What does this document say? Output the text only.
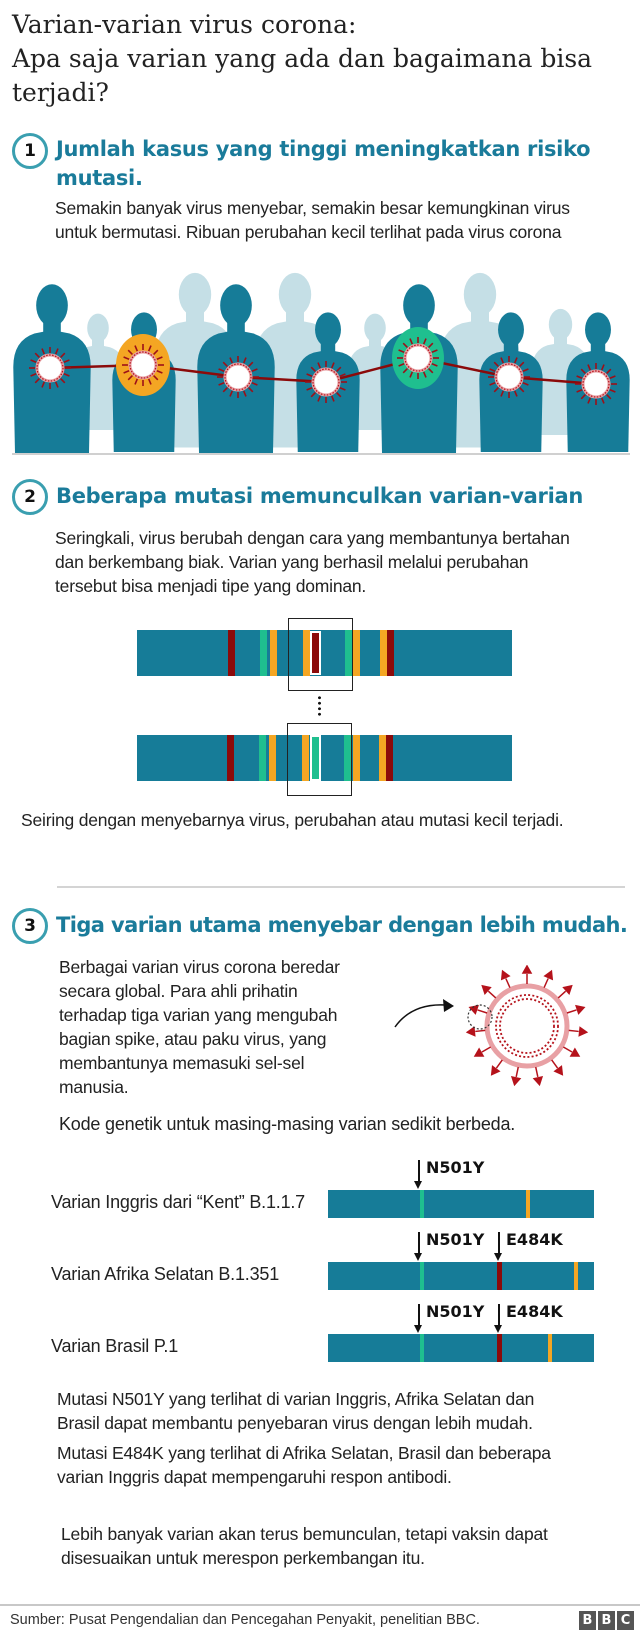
Varian-varian virus corona:
Apa saja varian yang ada dan bagaimana bisa
terjadi?
1 Jumlah kasus yang tinggi meningkatkan risiko
mutasi.
Semakin banyak virus menyebar, semakin besar kemungkinan virus
untuk bermutasi. Ribuan perubahan kecil terlihat pada virus corona
2 Beberapa mutasi memunculkan varian-varian
Seringkali, virus berubah dengan cara yang membantunya bertahan
dan berkembang biak. Varian yang berhasil melalui perubahan
tersebut bisa menjadi tipe yang dominan.
Seiring dengan menyebarnya virus, perubahan atau mutasi kecil terjadi.
3 Tiga varian utama menyebar dengan lebih mudah.
Berbagai varian virus corona beredar
secara global. Para ahli prihatin
terhadap tiga varian yang mengubah
bagian spike, atau paku virus, yang
membantunya memasuki sel-sel
manusia.
Kode genetik untuk masing-masing varian sedikit berbeda.
Varian Inggris dari “Kent” B.1.1.7
N501Y
Varian Afrika Selatan B.1.351
N501Y E484K
Varian Brasil P.1
N501Y E484K
Mutasi N501Y yang terlihat di varian Inggris, Afrika Selatan dan
Brasil dapat membantu penyebaran virus dengan lebih mudah.
Mutasi E484K yang terlihat di Afrika Selatan, Brasil dan beberapa
varian Inggris dapat mempengaruhi respon antibodi.
Lebih banyak varian akan terus bemunculan, tetapi vaksin dapat
disesuaikan untuk merespon perkembangan itu.
Sumber: Pusat Pengendalian dan Pencegahan Penyakit, penelitian BBC.	B B C
